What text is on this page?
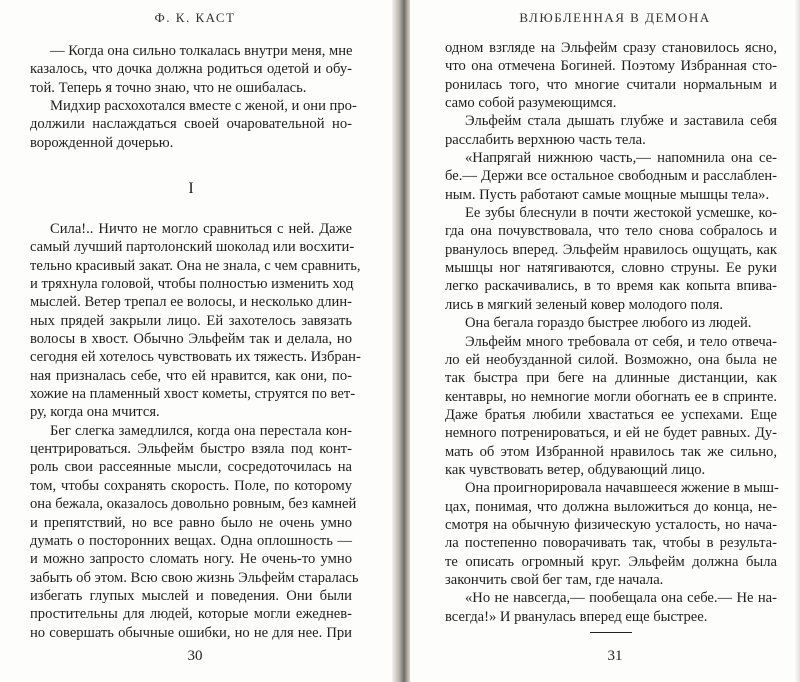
Ф. К. КАСТ
— Когда она сильно толкалась внутри меня, мне
казалось, что дочка должна родиться одетой и обу-
той. Теперь я точно знаю, что не ошибалась.
Мидхир расхохотался вместе с женой, и они про-
должили наслаждаться своей очаровательной но-
ворожденной дочерью.
I
Сила!.. Ничто не могло сравниться с ней. Даже
самый лучший партолонский шоколад или восхити-
тельно красивый закат. Она не знала, с чем сравнить,
и тряхнула головой, чтобы полностью изменить ход
мыслей. Ветер трепал ее волосы, и несколько длин-
ных прядей закрыли лицо. Ей захотелось завязать
волосы в хвост. Обычно Эльфейм так и делала, но
сегодня ей хотелось чувствовать их тяжесть. Избран-
ная призналась себе, что ей нравится, как они, по-
хожие на пламенный хвост кометы, струятся по вет-
ру, когда она мчится.
Бег слегка замедлился, когда она перестала кон-
центрироваться. Эльфейм быстро взяла под конт-
роль свои рассеянные мысли, сосредоточилась на
том, чтобы сохранять скорость. Поле, по которому
она бежала, оказалось довольно ровным, без камней
и препятствий, но все равно было не очень умно
думать о посторонних вещах. Одна оплошность —
и можно запросто сломать ногу. Не очень-то умно
забыть об этом. Всю свою жизнь Эльфейм старалась
избегать глупых мыслей и поведения. Они были
простительны для людей, которые могли ежеднев-
но совершать обычные ошибки, но не для нее. При
30
ВЛЮБЛЕННАЯ В ДЕМОНА
одном взгляде на Эльфейм сразу становилось ясно,
что она отмечена Богиней. Поэтому Избранная сто-
ронилась того, что многие считали нормальным и
само собой разумеющимся.
Эльфейм стала дышать глубже и заставила себя
расслабить верхнюю часть тела.
«Напрягай нижнюю часть,— напомнила она се-
бе.— Держи все остальное свободным и расслаблен-
ным. Пусть работают самые мощные мышцы тела».
Ее зубы блеснули в почти жестокой усмешке, ко-
гда она почувствовала, что тело снова собралось и
рванулось вперед. Эльфейм нравилось ощущать, как
мышцы ног натягиваются, словно струны. Ее руки
легко раскачивались, в то время как копыта впива-
лись в мягкий зеленый ковер молодого поля.
Она бегала гораздо быстрее любого из людей.
Эльфейм много требовала от себя, и тело отвеча-
ло ей необузданной силой. Возможно, она была не
так быстра при беге на длинные дистанции, как
кентавры, но немногие могли обогнать ее в спринте.
Даже братья любили хвастаться ее успехами. Еще
немного потренироваться, и ей не будет равных. Ду-
мать об этом Избранной нравилось так же сильно,
как чувствовать ветер, обдувающий лицо.
Она проигнорировала начавшееся жжение в мыш-
цах, понимая, что должна выложиться до конца, не-
смотря на обычную физическую усталость, но нача-
ла постепенно поворачивать так, чтобы в результа-
те описать огромный круг. Эльфейм должна была
закончить свой бег там, где начала.
«Но не навсегда,— пообещала она себе.— Не на-
всегда!» И рванулась вперед еще быстрее.
31
